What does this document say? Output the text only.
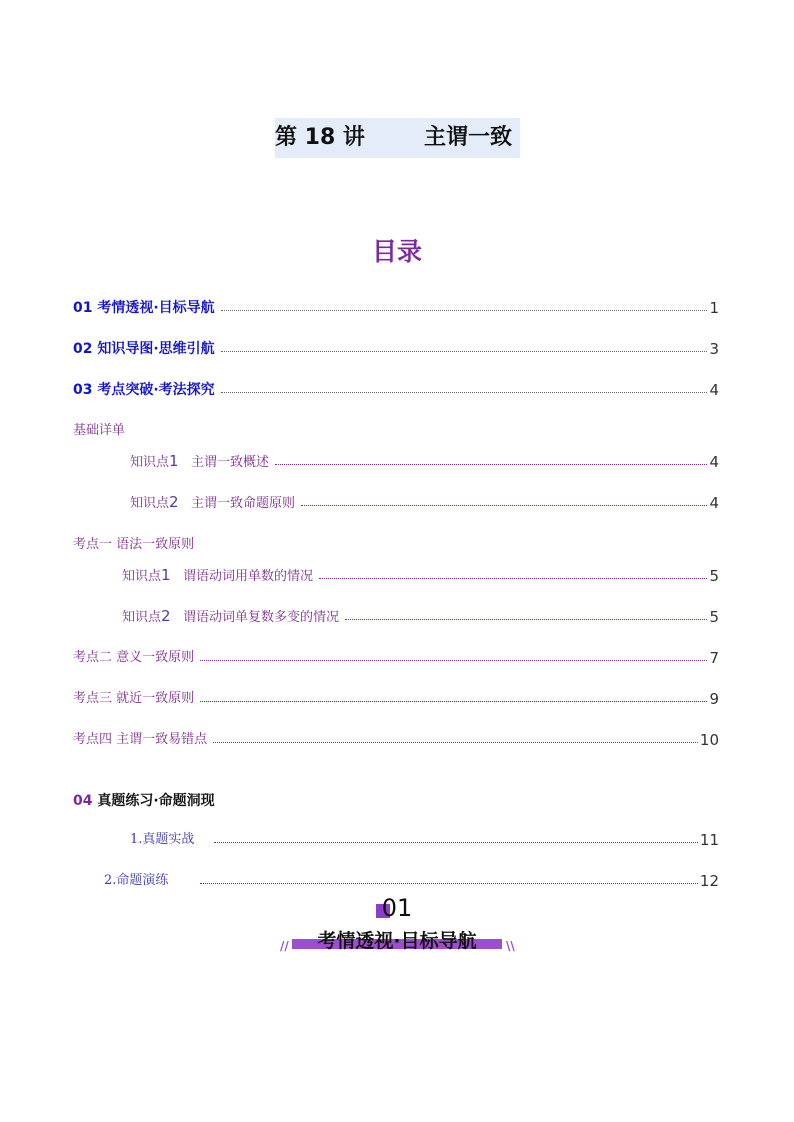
第 18 讲	主谓一致
目录
01 考情透视·目标导航	1
02 知识导图·思维引航	3
03 考点突破·考法探究	4
基础详单
知识点1 主谓一致概述	4
知识点2 主谓一致命题原则	4
考点一 语法一致原则
知识点1 谓语动词用单数的情况	5
知识点2 谓语动词单复数多变的情况	5
考点二 意义一致原则	7
考点三 就近一致原则	9
考点四 主谓一致易错点	10
04 真题练习·命题洞现
1.真题实战	11
2.命题演练	12
01
//	\\
考情透视·目标导航
